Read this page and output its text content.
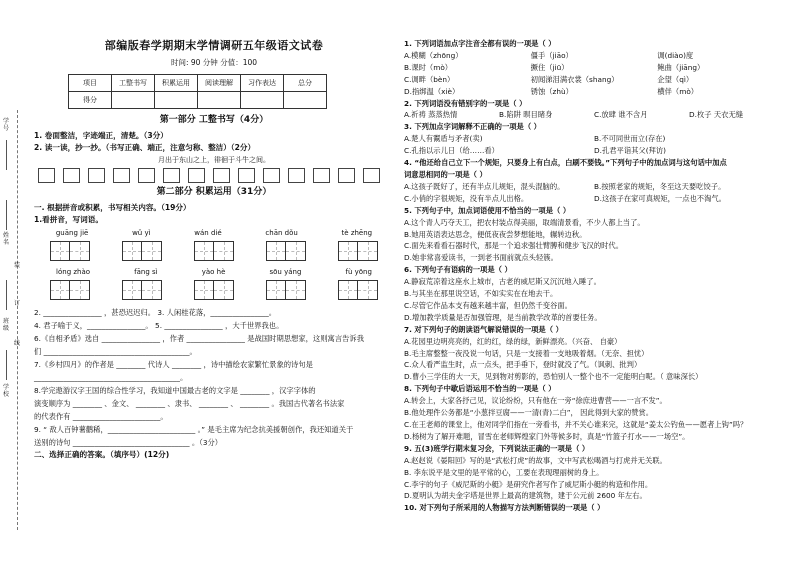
学号
姓名
装
订
线
班级
学校
部编版春学期期末学情调研五年级语文试卷
时间: 90 分钟 分值：100
项目	工整书写	积累运用	阅读理解	习作表达	总分
得分					
第一部分 工整书写（4分）
1. 卷面整洁，字迹端正，清楚。（3分）
2. 读一读，抄一抄。（书写正确、端正，注意匀称、整洁）（2分）
月出于东山之上，徘徊于斗牛之间。
第二部分 积累运用（31分）
一. 根据拼音或积累，书写相关内容。（19分）
1.看拼音，写词语。
guāng jiē	wǔ yì	wán dié	chān dǒu	tè zhēng
lóng zhào	fāng sì	yào hè	sōu yáng	fù yōng
2. ________________ ，甚恐迟迟归。 3. 人闲桂花落，________________。
4. 君子喻于义，________________。 5. ________________ ，大千世界我也。
6.《自相矛盾》选自 ________________ ，作者 ________________ 是战国时期思想家，这则寓言告诉我
们 ________________________________________。
7.《乡村四月》的作者是 ________ 代诗人 ________ ，诗中描绘农家繁忙景象的诗句是
________________________________________。
8.学完遨游汉字王国的综合性学习，我知道中国最古老的文字是 ________ ，汉字字体的
演变顺序为 ________ 、金文、 ________ 、隶书、 ________ 、 ________ 。我国古代著名书法家
的代表作有 ________________________。
9. “ 敌人百钟薯鹳稀，________________________ 。” 是毛主席为纪念抗美援朝创作，我还知道关于
送别的诗句 ________________________________ 。（3分）
二、选择正确的答案。（填序号）(12分)
1. 下列词语加点字注音全都有误的一项是（ ）
A.模糊（zhōng）	僵手（jiāo）	调(diào)度
B.课时（mò）	撅住（jiū）	鲍曲（jiāng）
C.调畔（bèn）	初闻涕泪满衣裳（shang）	企望（qì）
D.指绑温（xiè）	锈蚀（zhù）	横伴（mò）
2. 下列词语没有错别字的一项是（ ）
A.祈祷 蒸蒸热情	B.陷阱 暝目睹身	C.放肆 谁不含月	D.枚子 天衣无缝
3. 下列加点字词解释不正确的一项是（ ）
A.楚人有鬻盾与矛者(卖)	B.不可同世而立(存在)
C.孔指以示儿日（给……看）	D.孔君平诣其父(拜访)
4. “他还给自己立下一个规矩，只要身上有白点，白刷不要钱。”下列句子中的加点词与这句话中加点
词意思相同的一项是（ ）
A.这孩子既好了，还有半点儿规矩，混头混脑的。	B.按照老家的规矩，冬至这天要吃饺子。
C.小俏的字很规矩，没有半点儿出格。	D.这孩子在家可真规矩，一点也不淘气。
5. 下列句子中，加点词语使用不恰当的一项是（ ）
A.这个青人巧夺天工，把农村装点得美丽，取端清景看，不少人都上当了。
B.她用英语表达思念，便低夜夜尝梦想能地，辗转边秋。
C.面先来看看石器时代，那是一个追求强壮臂膊和健步飞汉的时代。
D.她非常喜爱读书，一到老书面前就点头轻簇。
6. 下列句子有语病的一项是（ ）
A.静寂荒凉着这座水上城市，古老的威尼斯又沉沉地入睡了。
B.与其坐在那里说空话，不如实实在在地去干。
C.尽管它作品本支有越来越丰富，但仍然千变谷面。
D.增加教学质量是否加强管理，是当前教学改革的首要任务。
7. 对下列句子的朗读语气解说错误的一项是（ ）
A.花园里边明亮亮的，红的红，绿的绿，新鲜漂亮。（兴奋、 自豪）
B.毛主席整整一夜没说一句话，只是一支接着一支地吸着烟。（无奈、担忧）
C.众人看严监生时，点一点头，把手垂下，登时就没了气。（讽刺、批判）
D.曹小三学佳的大一天，见到物对剪影的，恐怕别人一整个也不一定能明白呢。（ 意味深长）
8. 下列句子中歇后语运用不恰当的一项是（ ）
A.转会上，大家各抒己见，议论纷纷，只有他在一旁“徐庶进曹营——一言不发”。
B.他处理件公务都是“小葱拌豆腐——一清(青)二白”， 因此得到大家的赞赏。
C.在王老师的课堂上，他对同学们指在一旁看书，并不关心谁来完，这就是“姜太公钓鱼——愿者上钩”吗？
D.杨树为了解开难题，冒雪在老师辉煌家门外等候多时，真是“竹篮子打水——一场空”。
9. 五(3)班学行期末复习会，下列说法正确的一项是（ ）
A.赵赵说《晏阳回》写的是“武松打虎”的故事，文中写武松喝酒与打虎并无关联。
B. 李东说平是文里的是平常的心，工要在表现理丽树的身上。
C.李宇的句子《威尼斯的小艇》是研究作者写作了威尼斯小艇的构造和作用。
D.夏明认为胡夫金字塔是世界上最高的建筑物，建于公元前 2600 年左右。
10. 对下列句子所采用的人物描写方法判断错误的一项是（ ）
